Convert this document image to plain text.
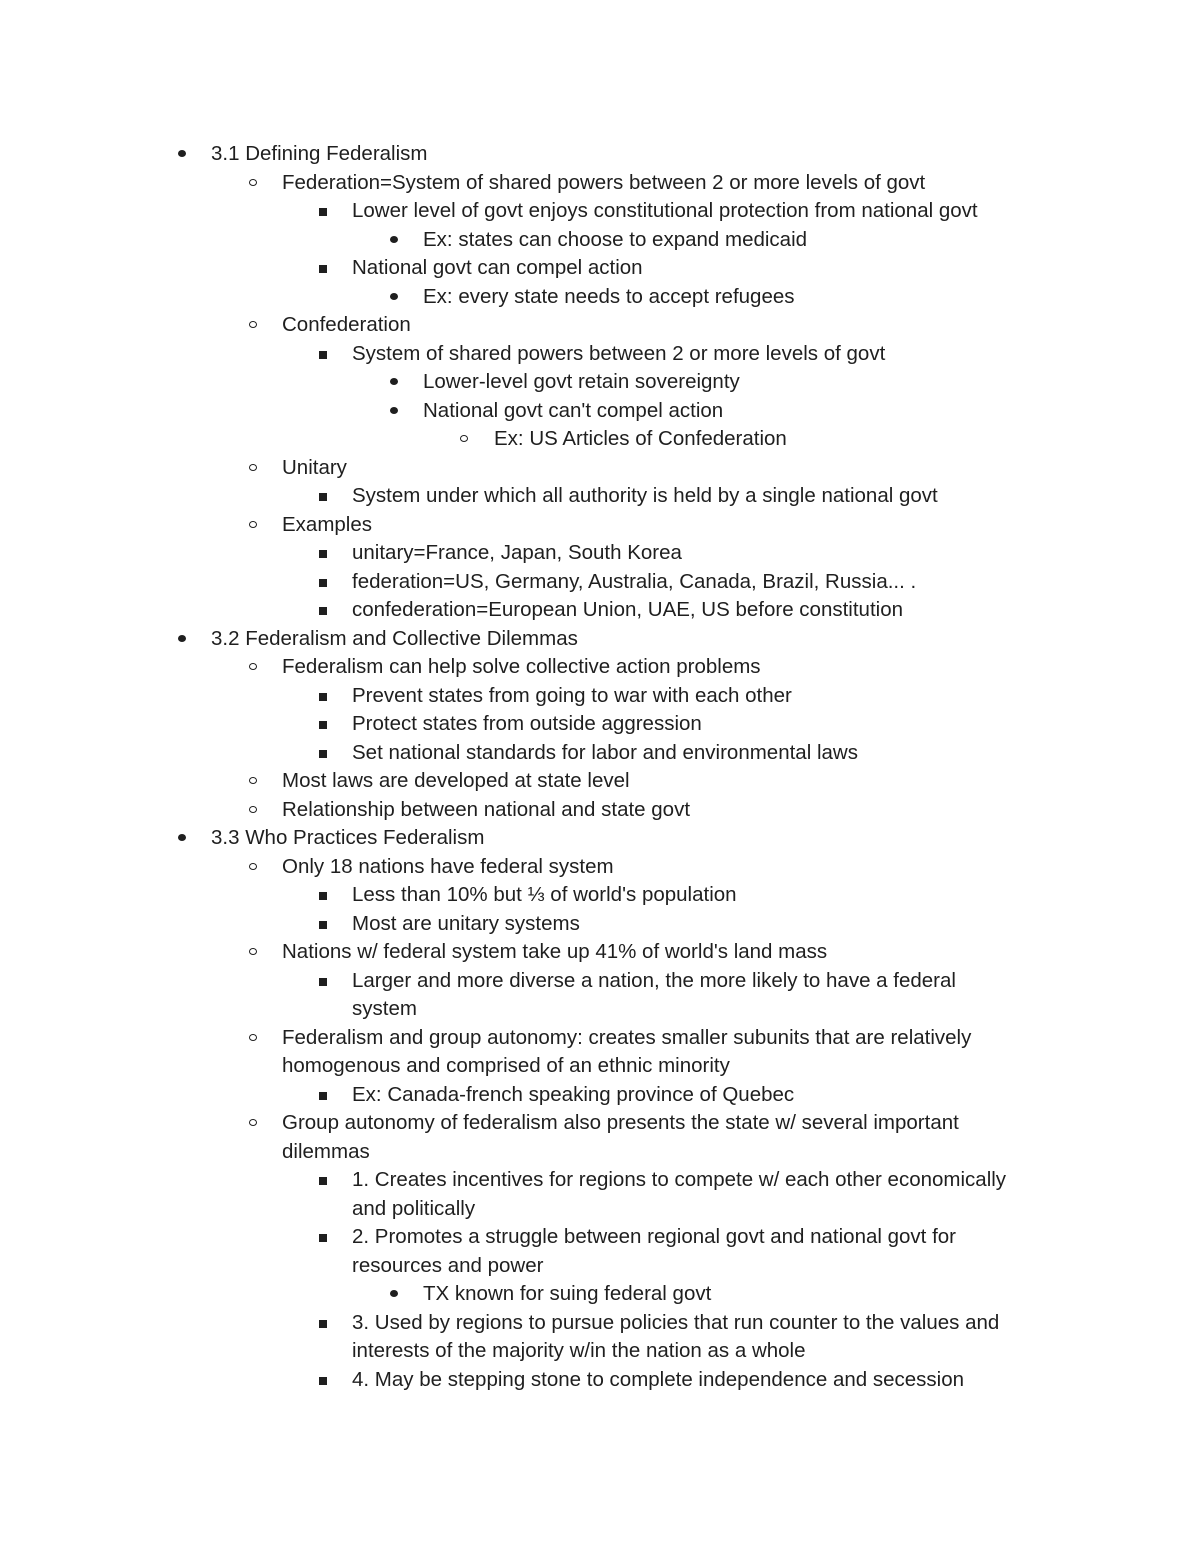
3.1 Defining Federalism
Federation=System of shared powers between 2 or more levels of govt
Lower level of govt enjoys constitutional protection from national govt
Ex: states can choose to expand medicaid
National govt can compel action
Ex: every state needs to accept refugees
Confederation
System of shared powers between 2 or more levels of govt
Lower-level govt retain sovereignty
National govt can't compel action
Ex: US Articles of Confederation
Unitary
System under which all authority is held by a single national govt
Examples
unitary=France, Japan, South Korea
federation=US, Germany, Australia, Canada, Brazil, Russia... .
confederation=European Union, UAE, US before constitution
3.2 Federalism and Collective Dilemmas
Federalism can help solve collective action problems
Prevent states from going to war with each other
Protect states from outside aggression
Set national standards for labor and environmental laws
Most laws are developed at state level
Relationship between national and state govt
3.3 Who Practices Federalism
Only 18 nations have federal system
Less than 10% but ⅓ of world's population
Most are unitary systems
Nations w/ federal system take up 41% of world's land mass
Larger and more diverse a nation, the more likely to have a federal
system
Federalism and group autonomy: creates smaller subunits that are relatively
homogenous and comprised of an ethnic minority
Ex: Canada-french speaking province of Quebec
Group autonomy of federalism also presents the state w/ several important
dilemmas
1. Creates incentives for regions to compete w/ each other economically
and politically
2. Promotes a struggle between regional govt and national govt for
resources and power
TX known for suing federal govt
3. Used by regions to pursue policies that run counter to the values and
interests of the majority w/in the nation as a whole
4. May be stepping stone to complete independence and secession
